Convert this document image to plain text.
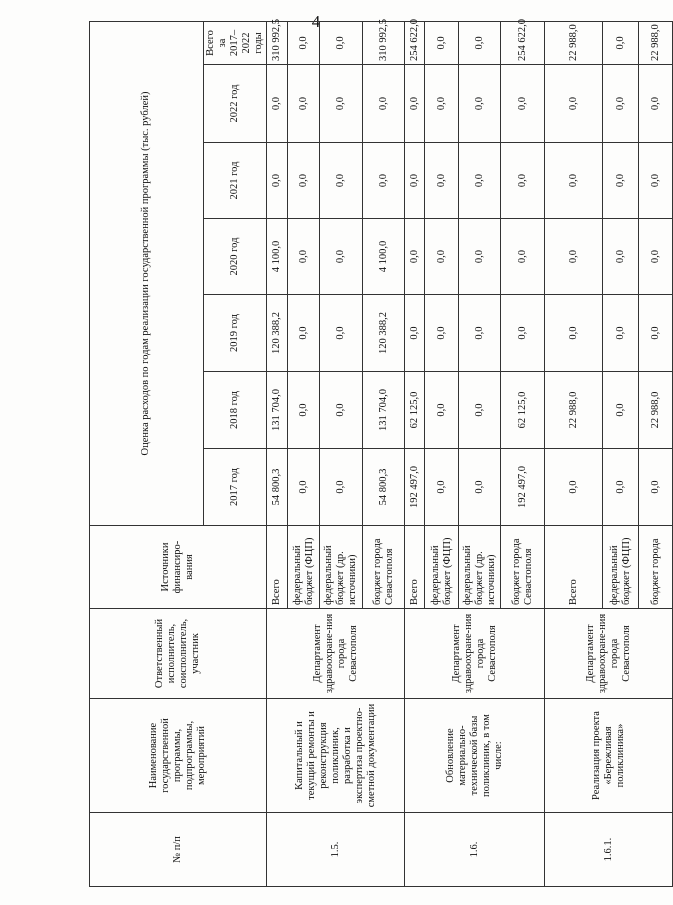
4
№ п/п	Наименование государственной программы, подпрограммы, мероприятий	Ответственный исполнитель, соисполнитель, участник	Источники финансиро-вания	Оценка расходов по годам реализации государственной программы (тыс. рублей)						
				2017 год	2018 год	2019 год	2020 год	2021 год	2022 год	Всего за 2017–2022 годы
1.5.	Капитальный и текущий ремонты и реконструкция поликлиник, разработка и экспертиза проектно-сметной документации	Департамент здравоохране-ния города Севастополя	Всего	54 800,3	131 704,0	120 388,2	4 100,0	0,0	0,0	310 992,5
			федеральный бюджет (ФЦП)	0,0	0,0	0,0	0,0	0,0	0,0	0,0
			федеральный бюджет (др. источники)	0,0	0,0	0,0	0,0	0,0	0,0	0,0
			бюджет города Севастополя	54 800,3	131 704,0	120 388,2	4 100,0	0,0	0,0	310 992,5
1.6.	Обновление материально-технической базы поликлиник, в том числе:	Департамент здравоохране-ния города Севастополя	Всего	192 497,0	62 125,0	0,0	0,0	0,0	0,0	254 622,0
			федеральный бюджет (ФЦП)	0,0	0,0	0,0	0,0	0,0	0,0	0,0
			федеральный бюджет (др. источники)	0,0	0,0	0,0	0,0	0,0	0,0	0,0
			бюджет города Севастополя	192 497,0	62 125,0	0,0	0,0	0,0	0,0	254 622,0
1.6.1.	Реализация проекта «Бережливая поликлиника»	Департамент здравоохране-ния города Севастополя	Всего	0,0	22 988,0	0,0	0,0	0,0	0,0	22 988,0
			федеральный бюджет (ФЦП)	0,0	0,0	0,0	0,0	0,0	0,0	0,0
			бюджет города	0,0	22 988,0	0,0	0,0	0,0	0,0	22 988,0
